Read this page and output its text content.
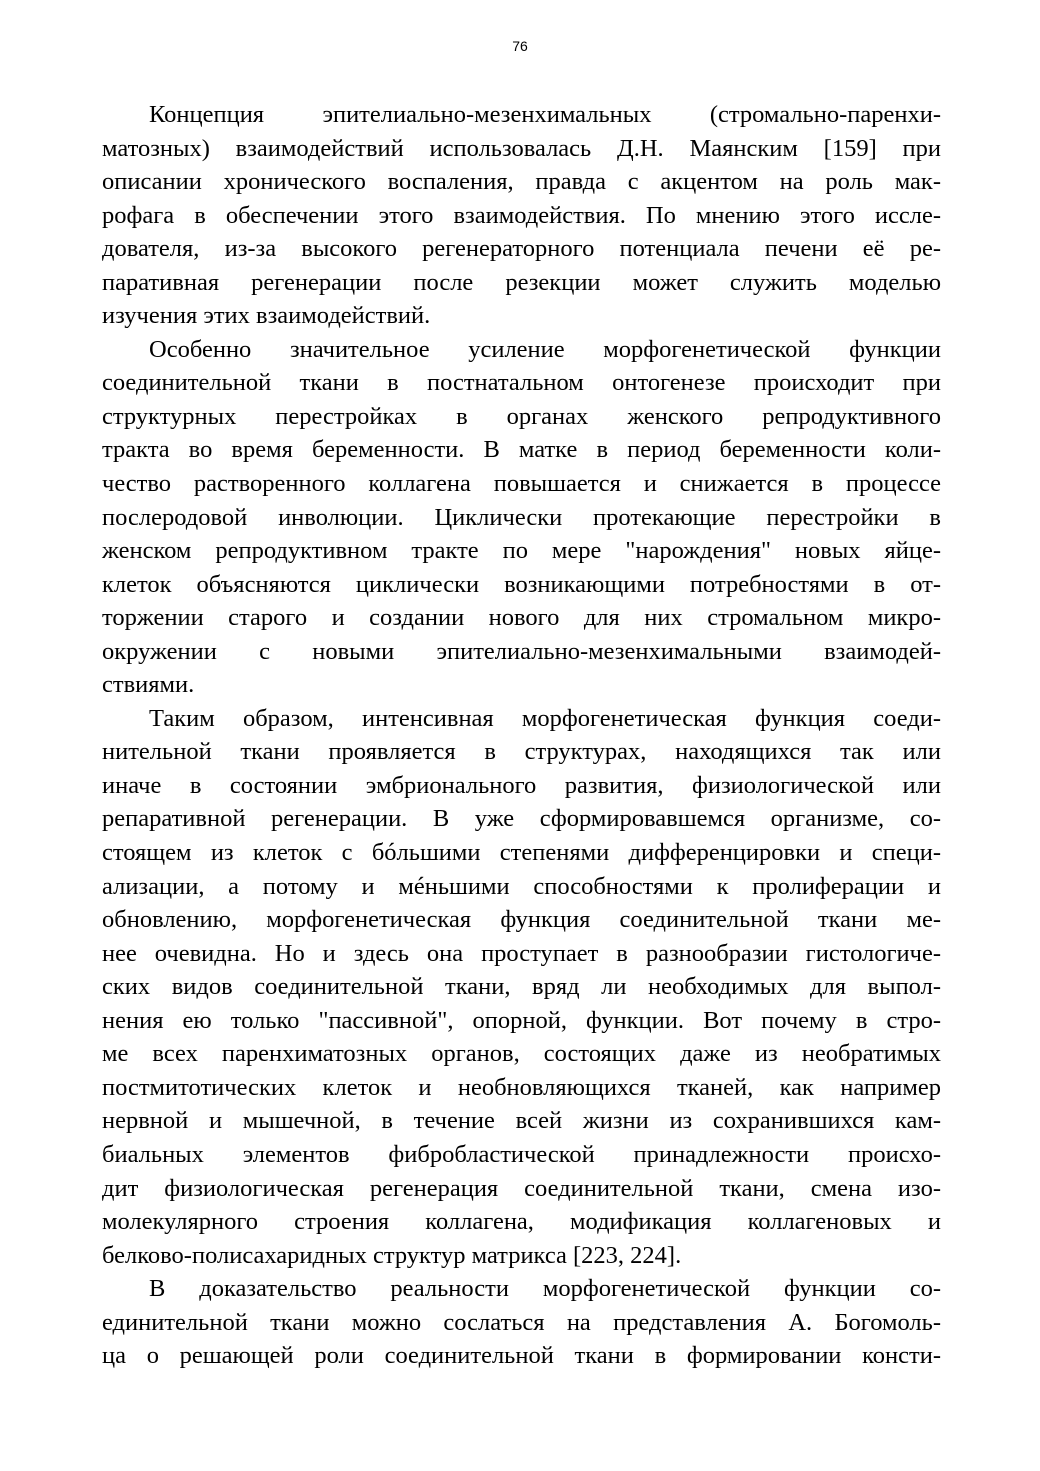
76
Концепция эпителиально-мезенхимальных (стромально-паренхи-
матозных) взаимодействий использовалась Д.Н. Маянским [159] при
описании хронического воспаления, правда с акцентом на роль мак-
рофага в обеспечении этого взаимодействия. По мнению этого иссле-
дователя, из-за высокого регенераторного потенциала печени её ре-
паративная регенерации после резекции может служить моделью
изучения этих взаимодействий.
Особенно значительное усиление морфогенетической функции
соединительной ткани в постнатальном онтогенезе происходит при
структурных перестройках в органах женского репродуктивного
тракта во время беременности. В матке в период беременности коли-
чество растворенного коллагена повышается и снижается в процессе
послеродовой инволюции. Циклически протекающие перестройки в
женском репродуктивном тракте по мере "нарождения" новых яйце-
клеток объясняются циклически возникающими потребностями в от-
торжении старого и создании нового для них стромальном микро-
окружении с новыми эпителиально-мезенхимальными взаимодей-
ствиями.
Таким образом, интенсивная морфогенетическая функция соеди-
нительной ткани проявляется в структурах, находящихся так или
иначе в состоянии эмбрионального развития, физиологической или
репаративной регенерации. В уже сформировавшемся организме, со-
стоящем из клеток с бóльшими степенями дифференцировки и специ-
ализации, а потому и мéньшими способностями к пролиферации и
обновлению, морфогенетическая функция соединительной ткани ме-
нее очевидна. Но и здесь она проступает в разнообразии гистологиче-
ских видов соединительной ткани, вряд ли необходимых для выпол-
нения ею только "пассивной", опорной, функции. Вот почему в стро-
ме всех паренхиматозных органов, состоящих даже из необратимых
постмитотических клеток и необновляющихся тканей, как например
нервной и мышечной, в течение всей жизни из сохранившихся кам-
биальных элементов фибробластической принадлежности происхо-
дит физиологическая регенерация соединительной ткани, смена изо-
молекулярного строения коллагена, модификация коллагеновых и
белково-полисахаридных структур матрикса [223, 224].
В доказательство реальности морфогенетической функции со-
единительной ткани можно сослаться на представления А. Богомоль-
ца о решающей роли соединительной ткани в формировании консти-
